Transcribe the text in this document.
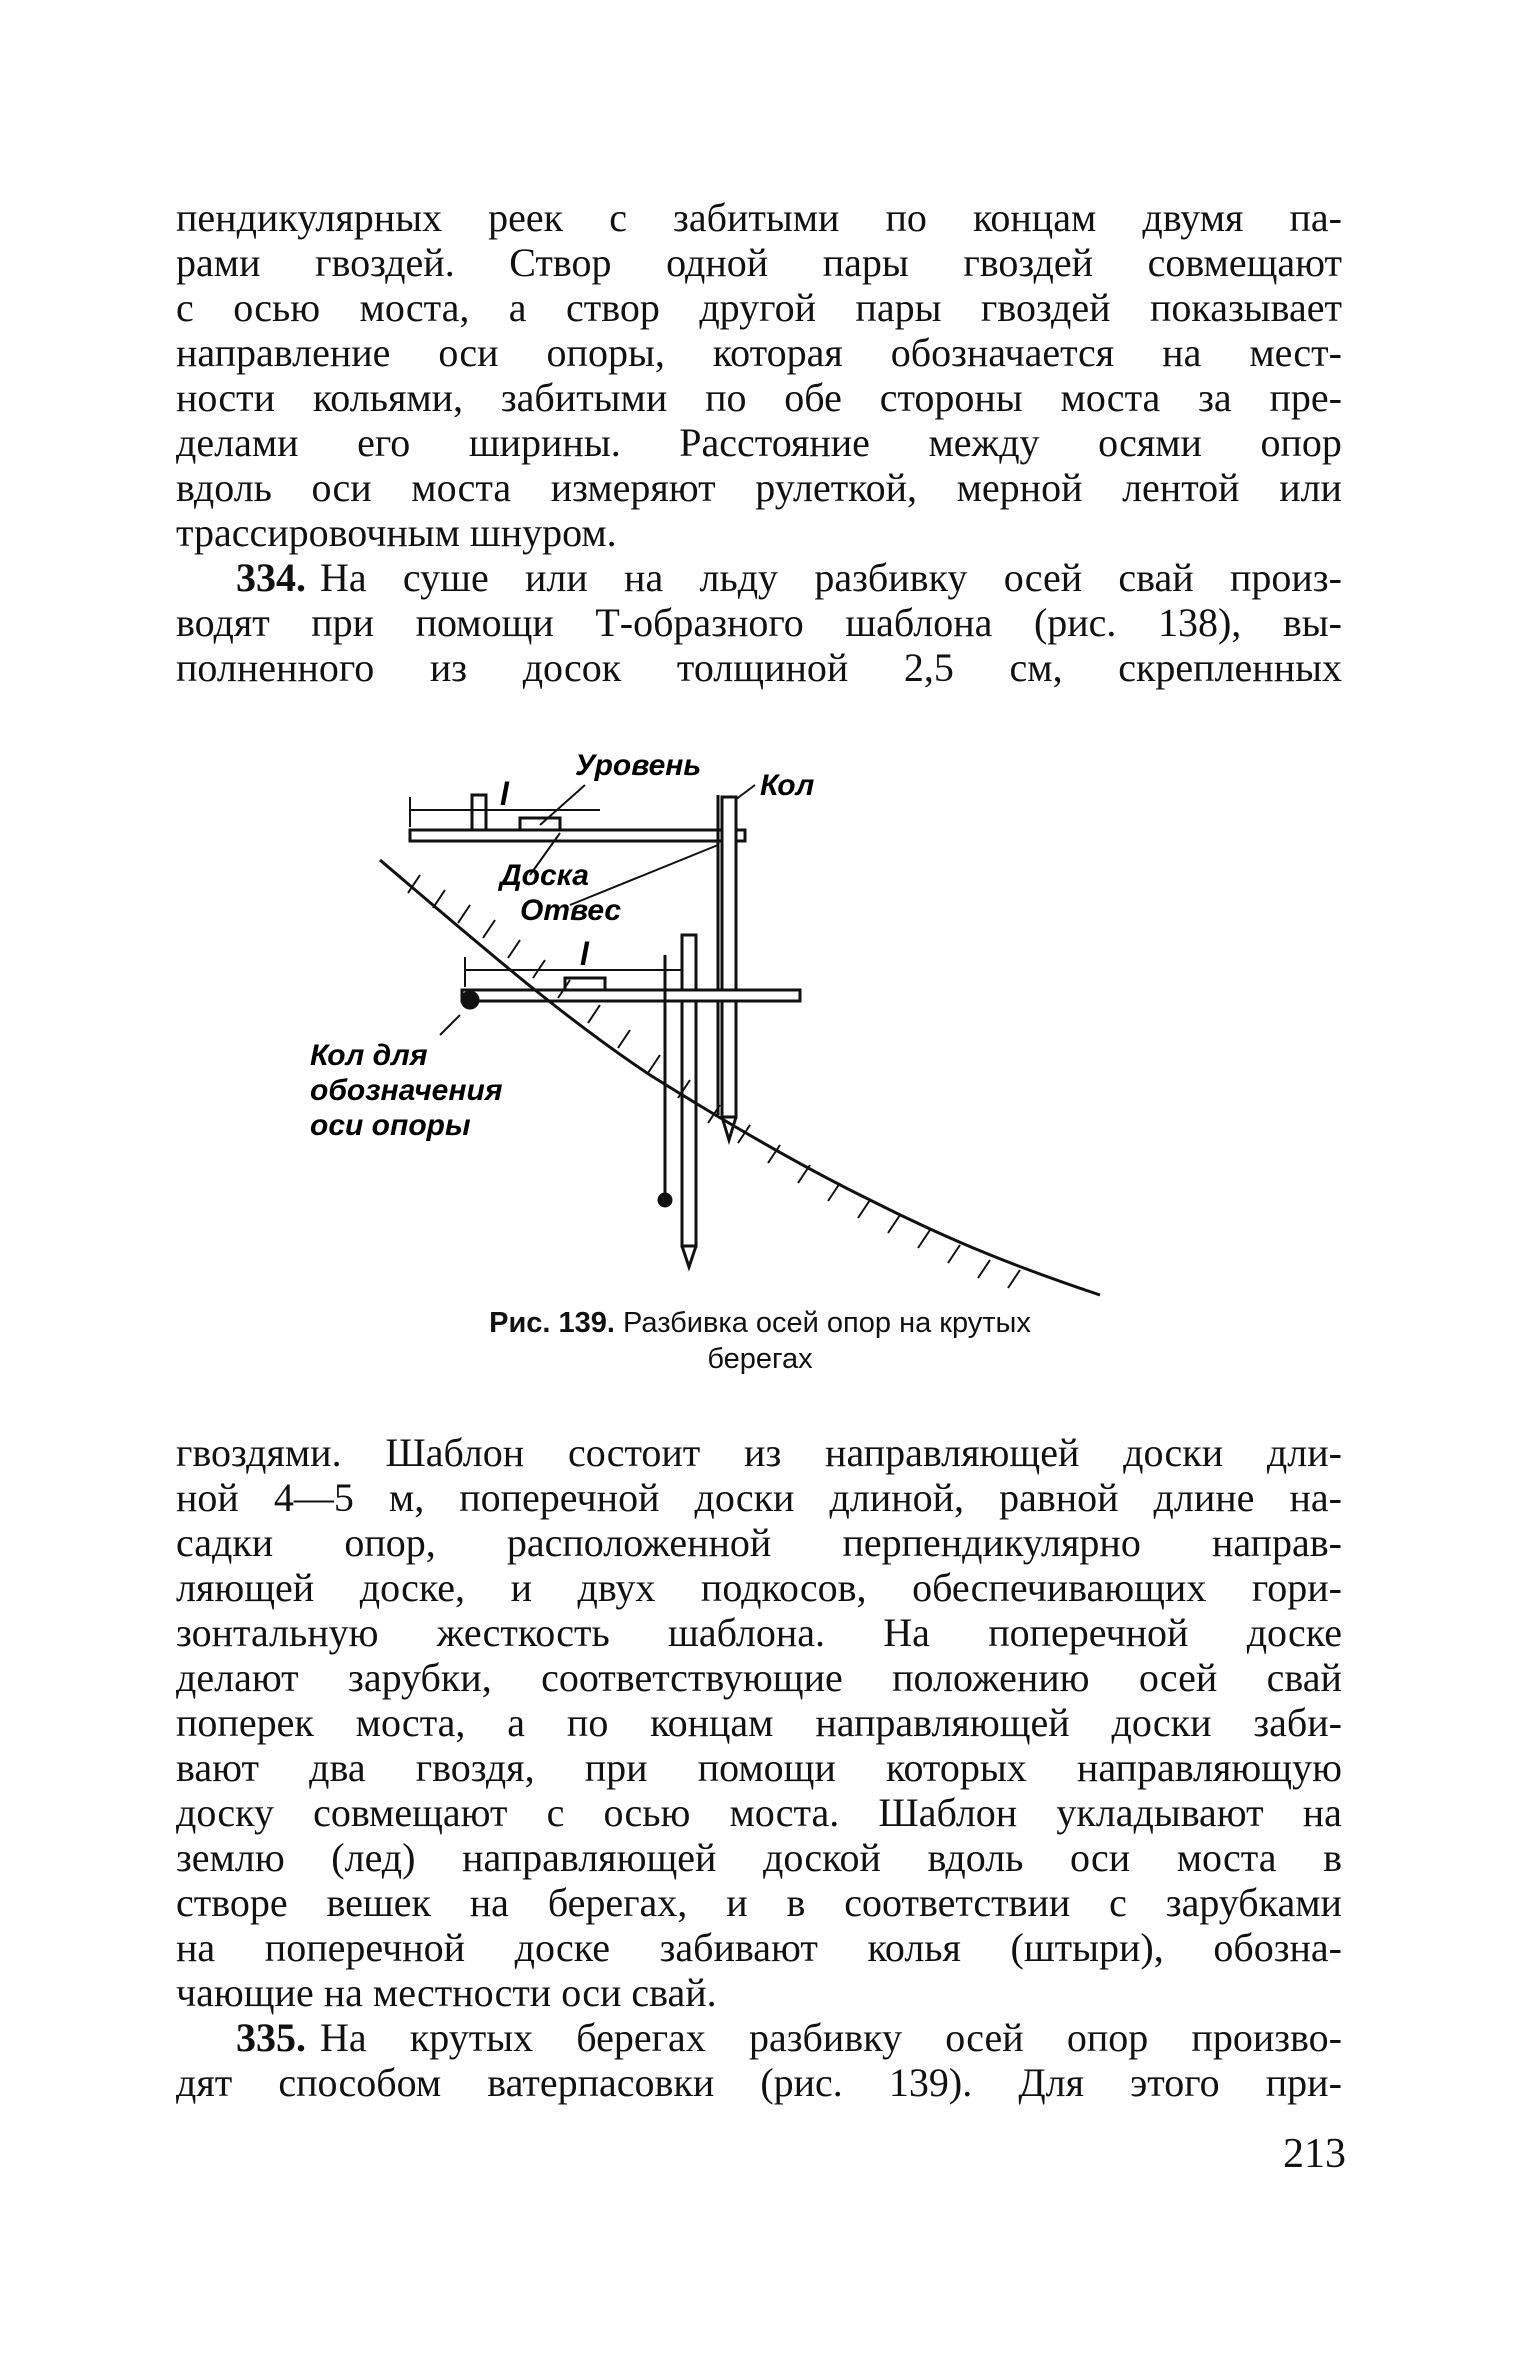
пендикулярных реек с забитыми по концам двумя па-
рами гвоздей. Створ одной пары гвоздей совмещают
с осью моста, а створ другой пары гвоздей показывает
направление оси опоры, которая обозначается на мест-
ности кольями, забитыми по обе стороны моста за пре-
делами его ширины. Расстояние между осями опор
вдоль оси моста измеряют рулеткой, мерной лентой или
трассировочным шнуром.
334. На суше или на льду разбивку осей свай произ-
водят при помощи Т-образного шаблона (рис. 138), вы-
полненного из досок толщиной 2,5 см, скрепленных
Уровень
Кол
Доска
Отвес
l
l
Кол для
обозначения
оси опоры
Рис. 139. Разбивка осей опор на крутых
берегах
гвоздями. Шаблон состоит из направляющей доски дли-
ной 4—5 м, поперечной доски длиной, равной длине на-
садки опор, расположенной перпендикулярно направ-
ляющей доске, и двух подкосов, обеспечивающих гори-
зонтальную жесткость шаблона. На поперечной доске
делают зарубки, соответствующие положению осей свай
поперек моста, а по концам направляющей доски заби-
вают два гвоздя, при помощи которых направляющую
доску совмещают с осью моста. Шаблон укладывают на
землю (лед) направляющей доской вдоль оси моста в
створе вешек на берегах, и в соответствии с зарубками
на поперечной доске забивают колья (штыри), обозна-
чающие на местности оси свай.
335. На крутых берегах разбивку осей опор произво-
дят способом ватерпасовки (рис. 139). Для этого при-
213
